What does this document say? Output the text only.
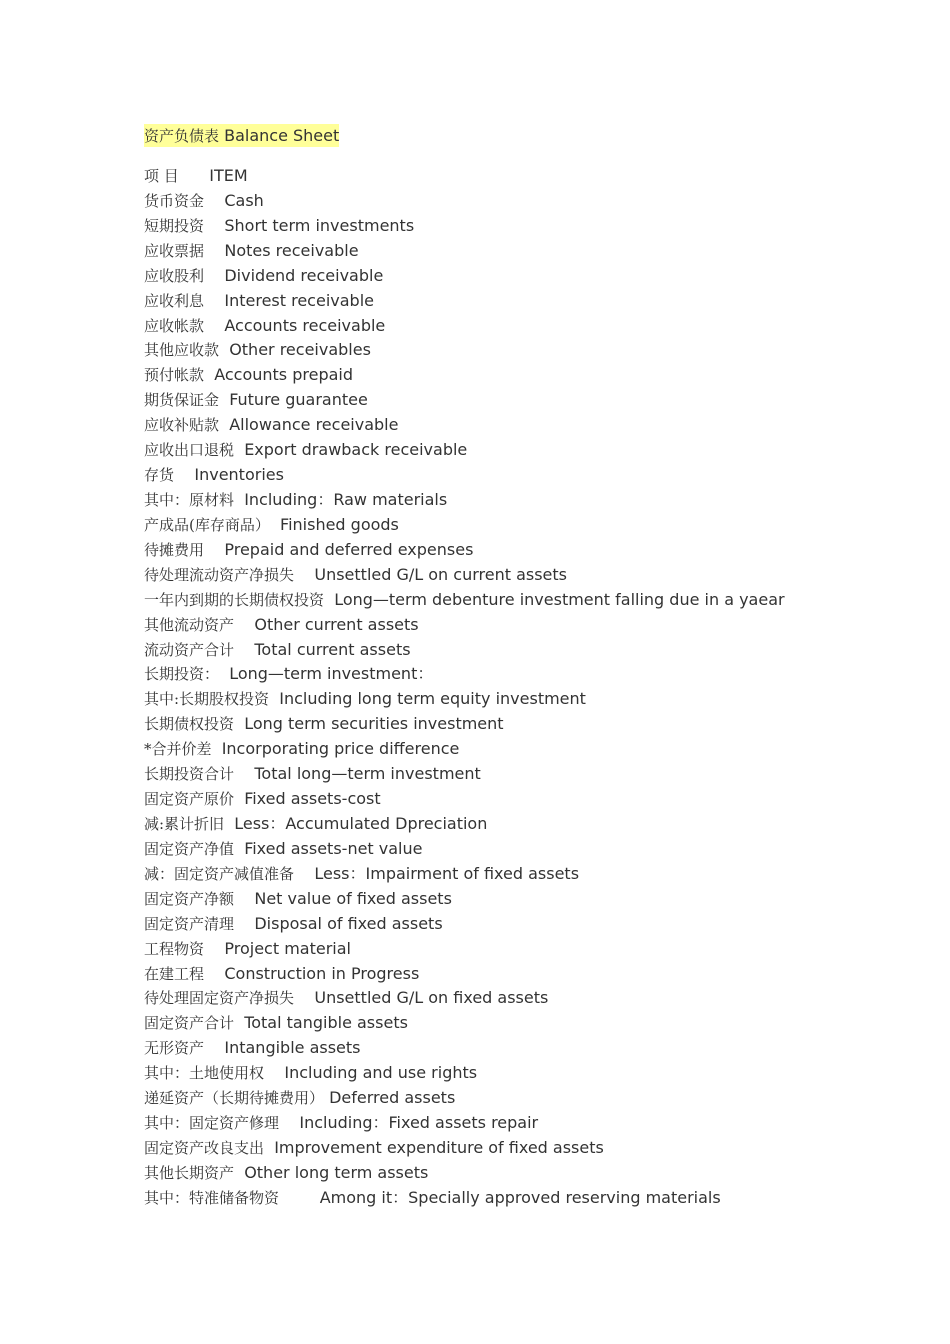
资产负债表 Balance Sheet
项 目 ITEM
货币资金 Cash
短期投资 Short term investments
应收票据 Notes receivable
应收股利 Dividend receivable
应收利息 Interest receivable
应收帐款 Accounts receivable
其他应收款 Other receivables
预付帐款 Accounts prepaid
期货保证金 Future guarantee
应收补贴款 Allowance receivable
应收出口退税 Export drawback receivable
存货 Inventories
其中：原材料 Including：Raw materials
产成品(库存商品） Finished goods
待摊费用 Prepaid and deferred expenses
待处理流动资产净损失 Unsettled G/L on current assets
一年内到期的长期债权投资 Long—term debenture investment falling due in a yaear
其他流动资产 Other current assets
流动资产合计 Total current assets
长期投资： Long—term investment：
其中:长期股权投资 Including long term equity investment
长期债权投资 Long term securities investment
*合并价差 Incorporating price difference
长期投资合计 Total long—term investment
固定资产原价 Fixed assets-cost
减:累计折旧 Less：Accumulated Dpreciation
固定资产净值 Fixed assets-net value
减：固定资产减值准备 Less：Impairment of fixed assets
固定资产净额 Net value of fixed assets
固定资产清理 Disposal of fixed assets
工程物资 Project material
在建工程 Construction in Progress
待处理固定资产净损失 Unsettled G/L on fixed assets
固定资产合计 Total tangible assets
无形资产 Intangible assets
其中：土地使用权 Including and use rights
递延资产（长期待摊费用） Deferred assets
其中：固定资产修理 Including：Fixed assets repair
固定资产改良支出 Improvement expenditure of fixed assets
其他长期资产 Other long term assets
其中：特准储备物资	Among it：Specially approved reserving materials
